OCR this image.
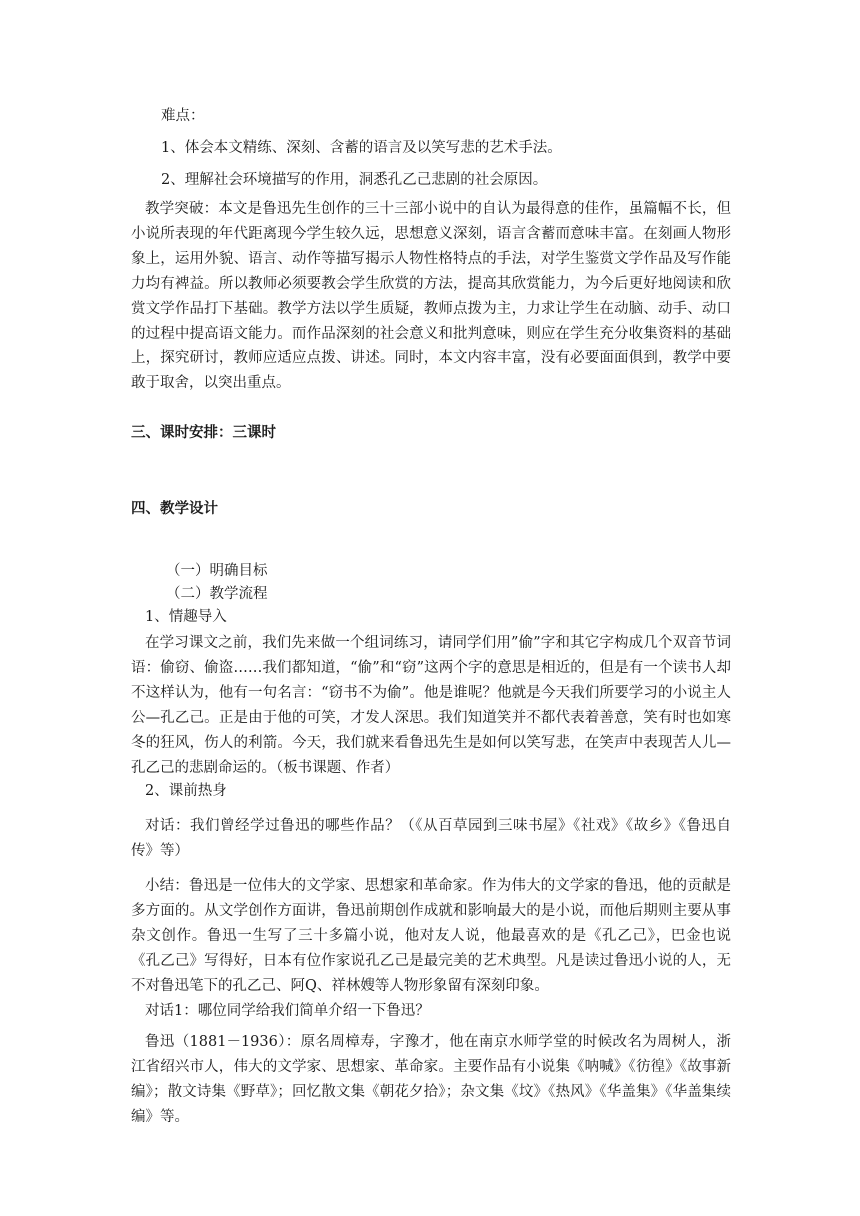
难点：
1、体会本文精练、深刻、含蓄的语言及以笑写悲的艺术手法。
2、理解社会环境描写的作用，洞悉孔乙己悲剧的社会原因。

教学突破：本文是鲁迅先生创作的三十三部小说中的自认为最得意的佳作，虽篇幅不长，但小说所表现的年代距离现今学生较久远，思想意义深刻，语言含蓄而意味丰富。在刻画人物形象上，运用外貌、语言、动作等描写揭示人物性格特点的手法，对学生鉴赏文学作品及写作能力均有裨益。所以教师必须要教会学生欣赏的方法，提高其欣赏能力，为今后更好地阅读和欣赏文学作品打下基础。教学方法以学生质疑，教师点拨为主，力求让学生在动脑、动手、动口的过程中提高语文能力。而作品深刻的社会意义和批判意味，则应在学生充分收集资料的基础上，探究研讨，教师应适应点拨、讲述。同时，本文内容丰富，没有必要面面俱到，教学中要敢于取舍，以突出重点。

三、课时安排：三课时
四、教学设计
（一）明确目标
（二）教学流程
1、情趣导入

在学习课文之前，我们先来做一个组词练习，请同学们用”偷”字和其它字构成几个双音节词语：偷窃、偷盗……我们都知道，“偷”和“窃”这两个字的意思是相近的，但是有一个读书人却不这样认为，他有一句名言：“窃书不为偷”。他是谁呢？他就是今天我们所要学习的小说主人公—孔乙己。正是由于他的可笑，才发人深思。我们知道笑并不都代表着善意，笑有时也如寒冬的狂风，伤人的利箭。今天，我们就来看鲁迅先生是如何以笑写悲，在笑声中表现苦人儿—孔乙己的悲剧命运的。（板书课题、作者）

2、课前热身

对话：我们曾经学过鲁迅的哪些作品？（《从百草园到三味书屋》《社戏》《故乡》《鲁迅自传》等）

小结：鲁迅是一位伟大的文学家、思想家和革命家。作为伟大的文学家的鲁迅，他的贡献是多方面的。从文学创作方面讲，鲁迅前期创作成就和影响最大的是小说，而他后期则主要从事杂文创作。鲁迅一生写了三十多篇小说，他对友人说，他最喜欢的是《孔乙己》，巴金也说《孔乙己》写得好，日本有位作家说孔乙己是最完美的艺术典型。凡是读过鲁迅小说的人，无不对鲁迅笔下的孔乙己、阿Q、祥林嫂等人物形象留有深刻印象。

对话1：哪位同学给我们简单介绍一下鲁迅？

鲁迅（1881－1936）：原名周樟寿，字豫才，他在南京水师学堂的时候改名为周树人，浙江省绍兴市人，伟大的文学家、思想家、革命家。主要作品有小说集《呐喊》《彷徨》《故事新编》；散文诗集《野草》；回忆散文集《朝花夕拾》；杂文集《坟》《热风》《华盖集》《华盖集续编》等。
